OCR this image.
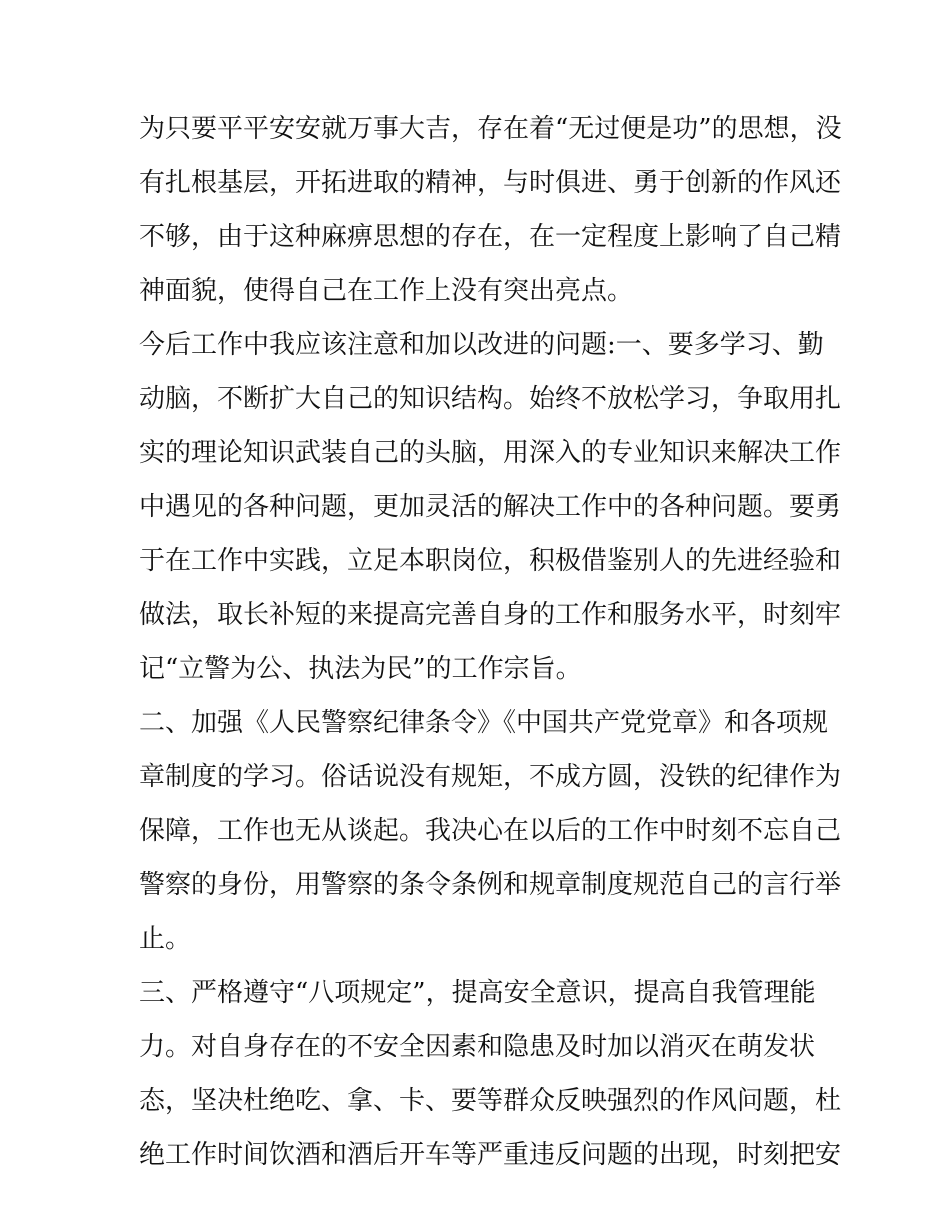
为只要平平安安就万事大吉，存在着“无过便是功”的思想，没
有扎根基层，开拓进取的精神，与时俱进、勇于创新的作风还
不够，由于这种麻痹思想的存在，在一定程度上影响了自己精
神面貌，使得自己在工作上没有突出亮点。
今后工作中我应该注意和加以改进的问题:一、要多学习、勤
动脑，不断扩大自己的知识结构。始终不放松学习，争取用扎
实的理论知识武装自己的头脑，用深入的专业知识来解决工作
中遇见的各种问题，更加灵活的解决工作中的各种问题。要勇
于在工作中实践，立足本职岗位，积极借鉴别人的先进经验和
做法，取长补短的来提高完善自身的工作和服务水平，时刻牢
记“立警为公、执法为民”的工作宗旨。
二、加强《人民警察纪律条令》《中国共产党党章》和各项规
章制度的学习。俗话说没有规矩，不成方圆，没铁的纪律作为
保障，工作也无从谈起。我决心在以后的工作中时刻不忘自己
警察的身份，用警察的条令条例和规章制度规范自己的言行举
止。
三、严格遵守“八项规定”，提高安全意识，提高自我管理能
力。对自身存在的不安全因素和隐患及时加以消灭在萌发状
态，坚决杜绝吃、拿、卡、要等群众反映强烈的作风问题，杜
绝工作时间饮酒和酒后开车等严重违反问题的出现，时刻把安
